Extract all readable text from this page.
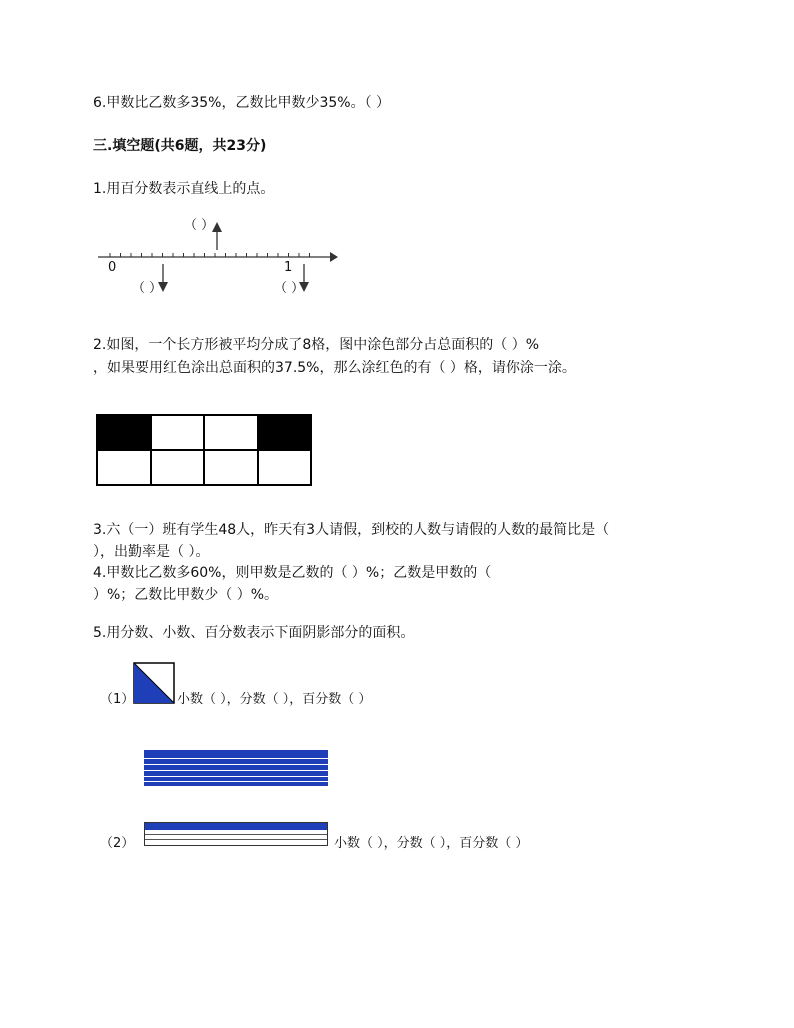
6.甲数比乙数多35%，乙数比甲数少35%。（ ）

三.填空题(共6题，共23分)

1.用百分数表示直线上的点。

0	1
（ ）
（ ）	（ ）

2.如图，一个长方形被平均分成了8格，图中涂色部分占总面积的（ ）%

，如果要用红色涂出总面积的37.5%，那么涂红色的有（ ）格，请你涂一涂。

3.六（一）班有学生48人，昨天有3人请假，到校的人数与请假的人数的最简比是（

），出勤率是（ ）。

4.甲数比乙数多60%，则甲数是乙数的（ ）%；乙数是甲数的（

）%；乙数比甲数少（ ）%。

5.用分数、小数、百分数表示下面阴影部分的面积。

（1）	小数（ ），分数（ ），百分数（ ）
（2）	小数（ ），分数（ ），百分数（ ）
